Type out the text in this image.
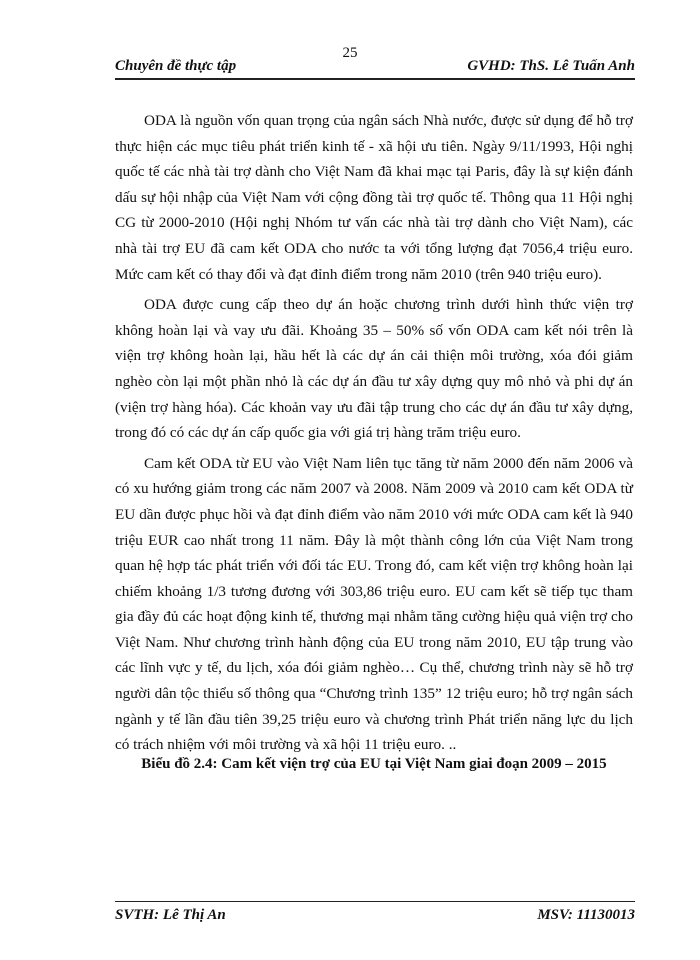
25
Chuyên đề thực tập	GVHD: ThS. Lê Tuấn Anh

ODA là nguồn vốn quan trọng của ngân sách Nhà nước, được sử dụng để hỗ trợ thực hiện các mục tiêu phát triển kinh tế - xã hội ưu tiên. Ngày 9/11/1993, Hội nghị quốc tế các nhà tài trợ dành cho Việt Nam đã khai mạc tại Paris, đây là sự kiện đánh dấu sự hội nhập của Việt Nam với cộng đồng tài trợ quốc tế. Thông qua 11 Hội nghị CG từ 2000-2010 (Hội nghị Nhóm tư vấn các nhà tài trợ dành cho Việt Nam), các nhà tài trợ EU đã cam kết ODA cho nước ta với tổng lượng đạt 7056,4 triệu euro. Mức cam kết có thay đổi và đạt đỉnh điểm trong năm 2010 (trên 940 triệu euro).

ODA được cung cấp theo dự án hoặc chương trình dưới hình thức viện trợ không hoàn lại và vay ưu đãi. Khoảng 35 – 50% số vốn ODA cam kết nói trên là viện trợ không hoàn lại, hầu hết là các dự án cải thiện môi trường, xóa đói giảm nghèo còn lại một phần nhỏ là các dự án đầu tư xây dựng quy mô nhỏ và phi dự án (viện trợ hàng hóa). Các khoản vay ưu đãi tập trung cho các dự án đầu tư xây dựng, trong đó có các dự án cấp quốc gia với giá trị hàng trăm triệu euro.

Cam kết ODA từ EU vào Việt Nam liên tục tăng từ năm 2000 đến năm 2006 và có xu hướng giảm trong các năm 2007 và 2008. Năm 2009 và 2010 cam kết ODA từ EU dần được phục hồi và đạt đỉnh điểm vào năm 2010 với mức ODA cam kết là 940 triệu EUR cao nhất trong 11 năm. Đây là một thành công lớn của Việt Nam trong quan hệ hợp tác phát triển với đối tác EU. Trong đó, cam kết viện trợ không hoàn lại chiếm khoảng 1/3 tương đương với 303,86 triệu euro. EU cam kết sẽ tiếp tục tham gia đầy đủ các hoạt động kinh tế, thương mại nhằm tăng cường hiệu quả viện trợ cho Việt Nam. Như chương trình hành động của EU trong năm 2010, EU tập trung vào các lĩnh vực y tế, du lịch, xóa đói giảm nghèo… Cụ thể, chương trình này sẽ hỗ trợ người dân tộc thiểu số thông qua “Chương trình 135” 12 triệu euro; hỗ trợ ngân sách ngành y tế lần đầu tiên 39,25 triệu euro và chương trình Phát triển năng lực du lịch có trách nhiệm với môi trường và xã hội 11 triệu euro. ..

Biểu đồ 2.4: Cam kết viện trợ của EU tại Việt Nam giai đoạn 2009 – 2015
SVTH: Lê Thị An	MSV: 11130013
